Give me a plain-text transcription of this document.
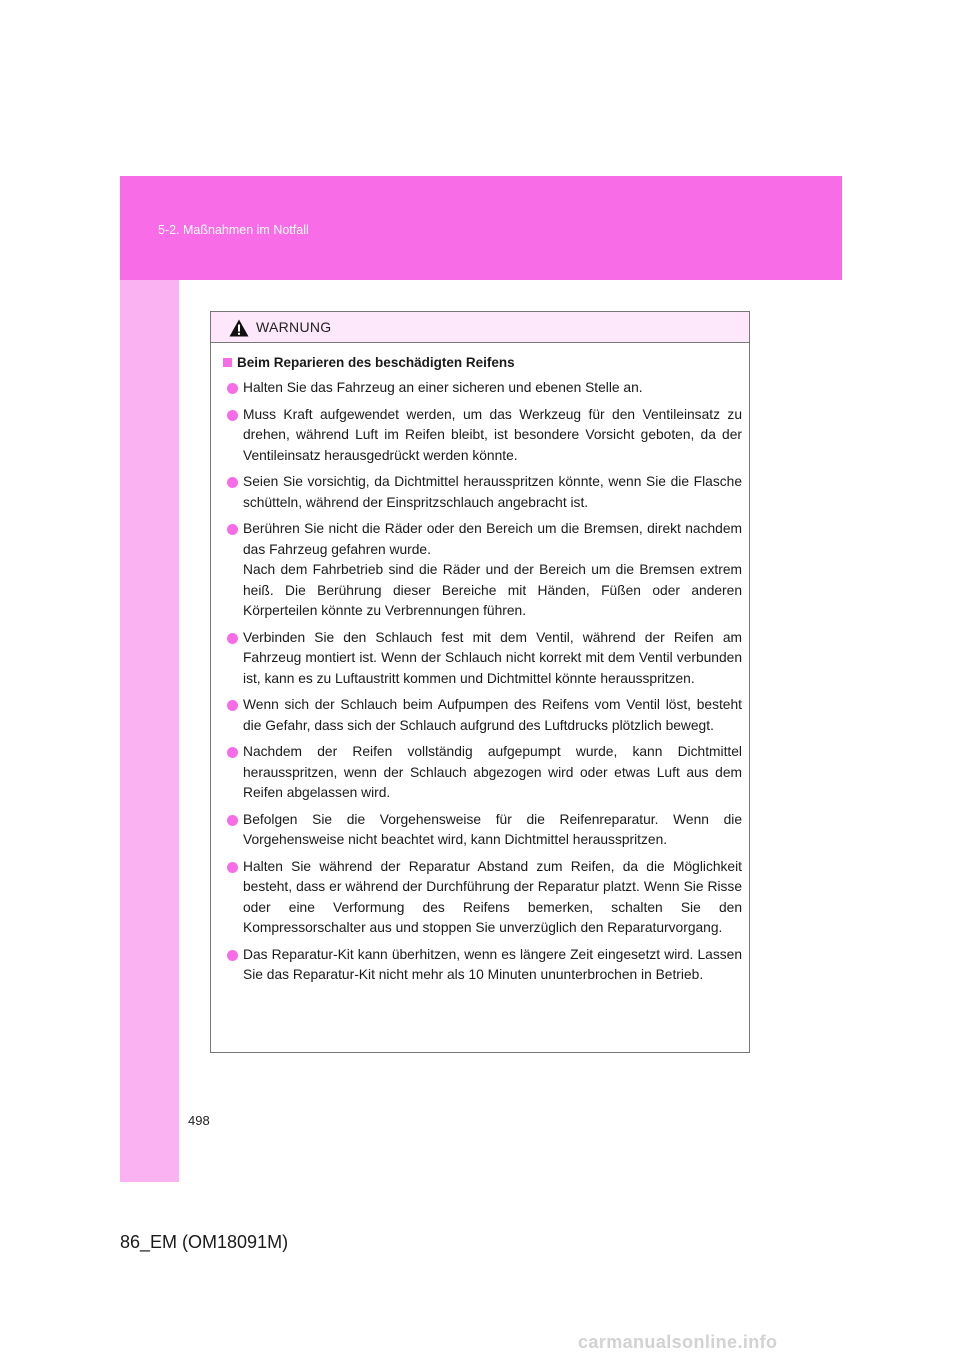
5-2. Maßnahmen im Notfall
WARNUNG
Beim Reparieren des beschädigten Reifens

Halten Sie das Fahrzeug an einer sicheren und ebenen Stelle an.

Muss Kraft aufgewendet werden, um das Werkzeug für den Ventileinsatz zu drehen, während Luft im Reifen bleibt, ist besondere Vorsicht geboten, da der Ventileinsatz herausgedrückt werden könnte.

Seien Sie vorsichtig, da Dichtmittel herausspritzen könnte, wenn Sie die Flasche schütteln, während der Einspritzschlauch angebracht ist.

Berühren Sie nicht die Räder oder den Bereich um die Bremsen, direkt nachdem das Fahrzeug gefahren wurde.

Nach dem Fahrbetrieb sind die Räder und der Bereich um die Bremsen extrem heiß. Die Berührung dieser Bereiche mit Händen, Füßen oder anderen Körperteilen könnte zu Verbrennungen führen.

Verbinden Sie den Schlauch fest mit dem Ventil, während der Reifen am Fahrzeug montiert ist. Wenn der Schlauch nicht korrekt mit dem Ventil verbunden ist, kann es zu Luftaustritt kommen und Dichtmittel könnte herausspritzen.

Wenn sich der Schlauch beim Aufpumpen des Reifens vom Ventil löst, besteht die Gefahr, dass sich der Schlauch aufgrund des Luftdrucks plötzlich bewegt.

Nachdem der Reifen vollständig aufgepumpt wurde, kann Dichtmittel herausspritzen, wenn der Schlauch abgezogen wird oder etwas Luft aus dem Reifen abgelassen wird.

Befolgen Sie die Vorgehensweise für die Reifenreparatur. Wenn die Vorgehensweise nicht beachtet wird, kann Dichtmittel herausspritzen.

Halten Sie während der Reparatur Abstand zum Reifen, da die Möglichkeit besteht, dass er während der Durchführung der Reparatur platzt. Wenn Sie Risse oder eine Verformung des Reifens bemerken, schalten Sie den Kompressorschalter aus und stoppen Sie unverzüglich den Reparaturvorgang.

Das Reparatur-Kit kann überhitzen, wenn es längere Zeit eingesetzt wird. Lassen Sie das Reparatur-Kit nicht mehr als 10 Minuten ununterbrochen in Betrieb.

498
86_EM (OM18091M)
carmanualsonline.info
